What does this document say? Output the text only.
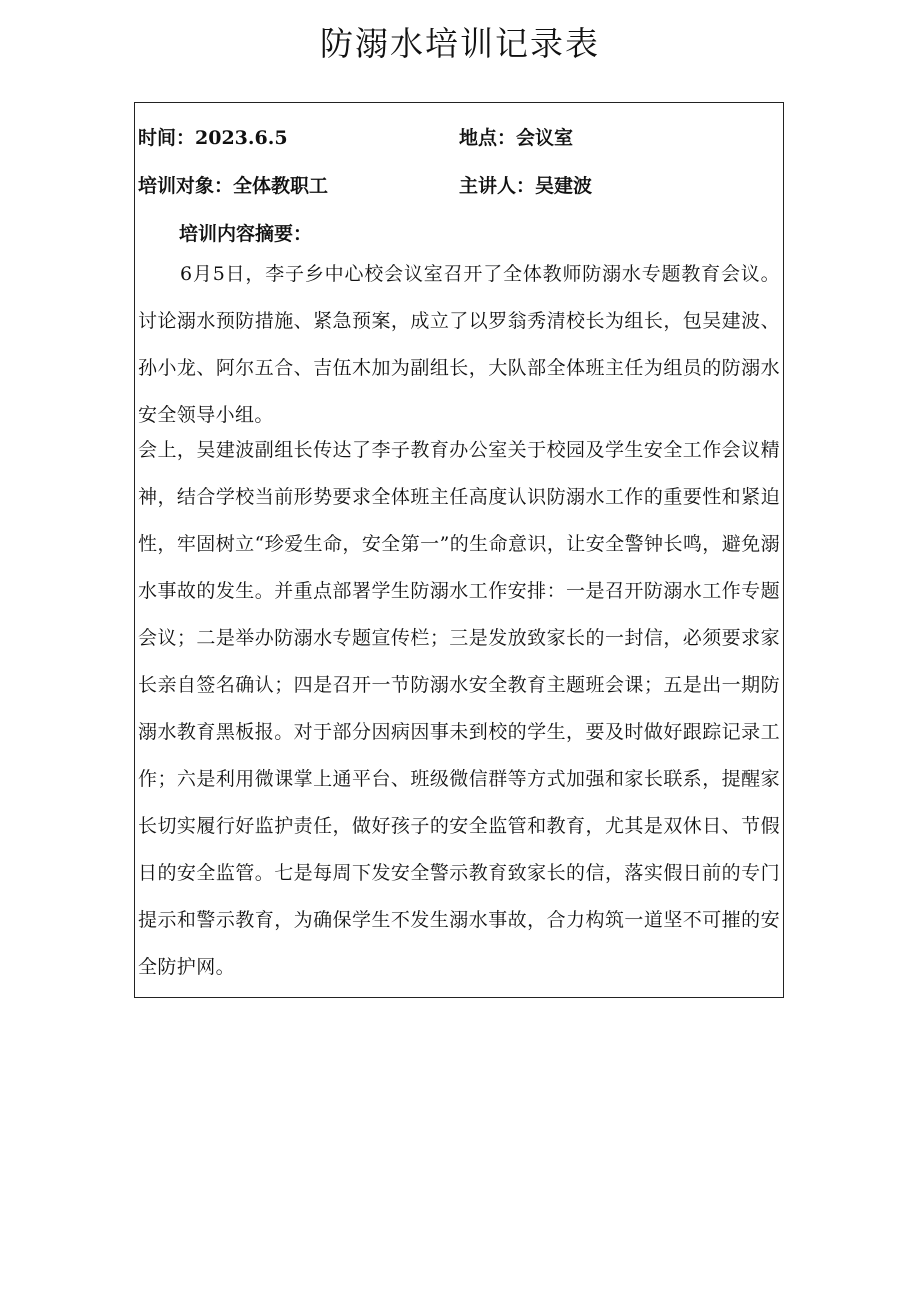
防溺水培训记录表
时间：2023.6.5	地点：会议室
培训对象：全体教职工	主讲人：吴建波
培训内容摘要：

6月5日，李子乡中心校会议室召开了全体教师防溺水专题教育会议。讨论溺水预防措施、紧急预案，成立了以罗翁秀清校长为组长，包吴建波、孙小龙、阿尔五合、吉伍木加为副组长，大队部全体班主任为组员的防溺水安全领导小组。

会上，吴建波副组长传达了李子教育办公室关于校园及学生安全工作会议精神，结合学校当前形势要求全体班主任高度认识防溺水工作的重要性和紧迫性，牢固树立“珍爱生命，安全第一”的生命意识，让安全警钟长鸣，避免溺水事故的发生。并重点部署学生防溺水工作安排：一是召开防溺水工作专题会议；二是举办防溺水专题宣传栏；三是发放致家长的一封信，必须要求家长亲自签名确认；四是召开一节防溺水安全教育主题班会课；五是出一期防溺水教育黑板报。对于部分因病因事未到校的学生，要及时做好跟踪记录工作；六是利用微课掌上通平台、班级微信群等方式加强和家长联系，提醒家长切实履行好监护责任，做好孩子的安全监管和教育，尤其是双休日、节假日的安全监管。七是每周下发安全警示教育致家长的信，落实假日前的专门提示和警示教育，为确保学生不发生溺水事故，合力构筑一道坚不可摧的安全防护网。
